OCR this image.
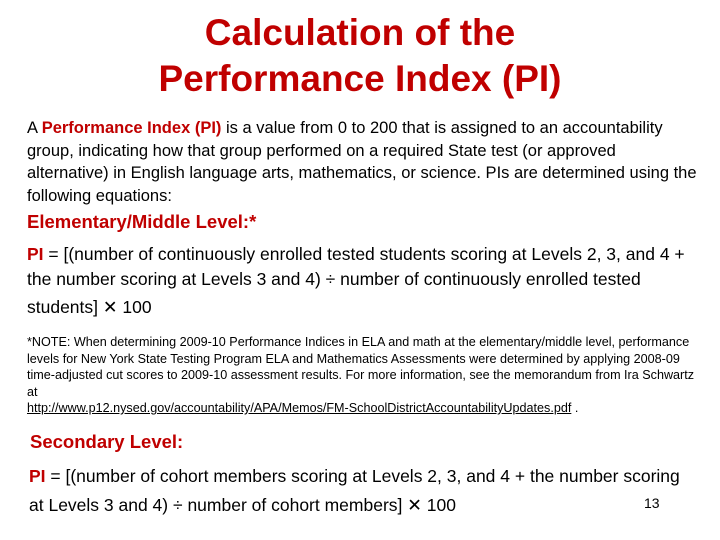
Calculation of the
Performance Index (PI)
A Performance Index (PI) is a value from 0 to 200 that is assigned to an accountability group, indicating how that group performed on a required State test (or approved alternative) in English language arts, mathematics, or science. PIs are determined using the following equations:
Elementary/Middle Level:*
PI = [(number of continuously enrolled tested students scoring at Levels 2, 3, and 4 +
the number scoring at Levels 3 and 4) ÷ number of continuously enrolled tested
students] ✕ 100
*NOTE: When determining 2009-10 Performance Indices in ELA and math at the elementary/middle level, performance levels for New York State Testing Program ELA and Mathematics Assessments were determined by applying 2008-09 time-adjusted cut scores to 2009-10 assessment results. For more information, see the memorandum from Ira Schwartz at
http://www.p12.nysed.gov/accountability/APA/Memos/FM-SchoolDistrictAccountabilityUpdates.pdf .
Secondary Level:
PI = [(number of cohort members scoring at Levels 2, 3, and 4 + the number scoring
at Levels 3 and 4) ÷ number of cohort members] ✕ 100	13
